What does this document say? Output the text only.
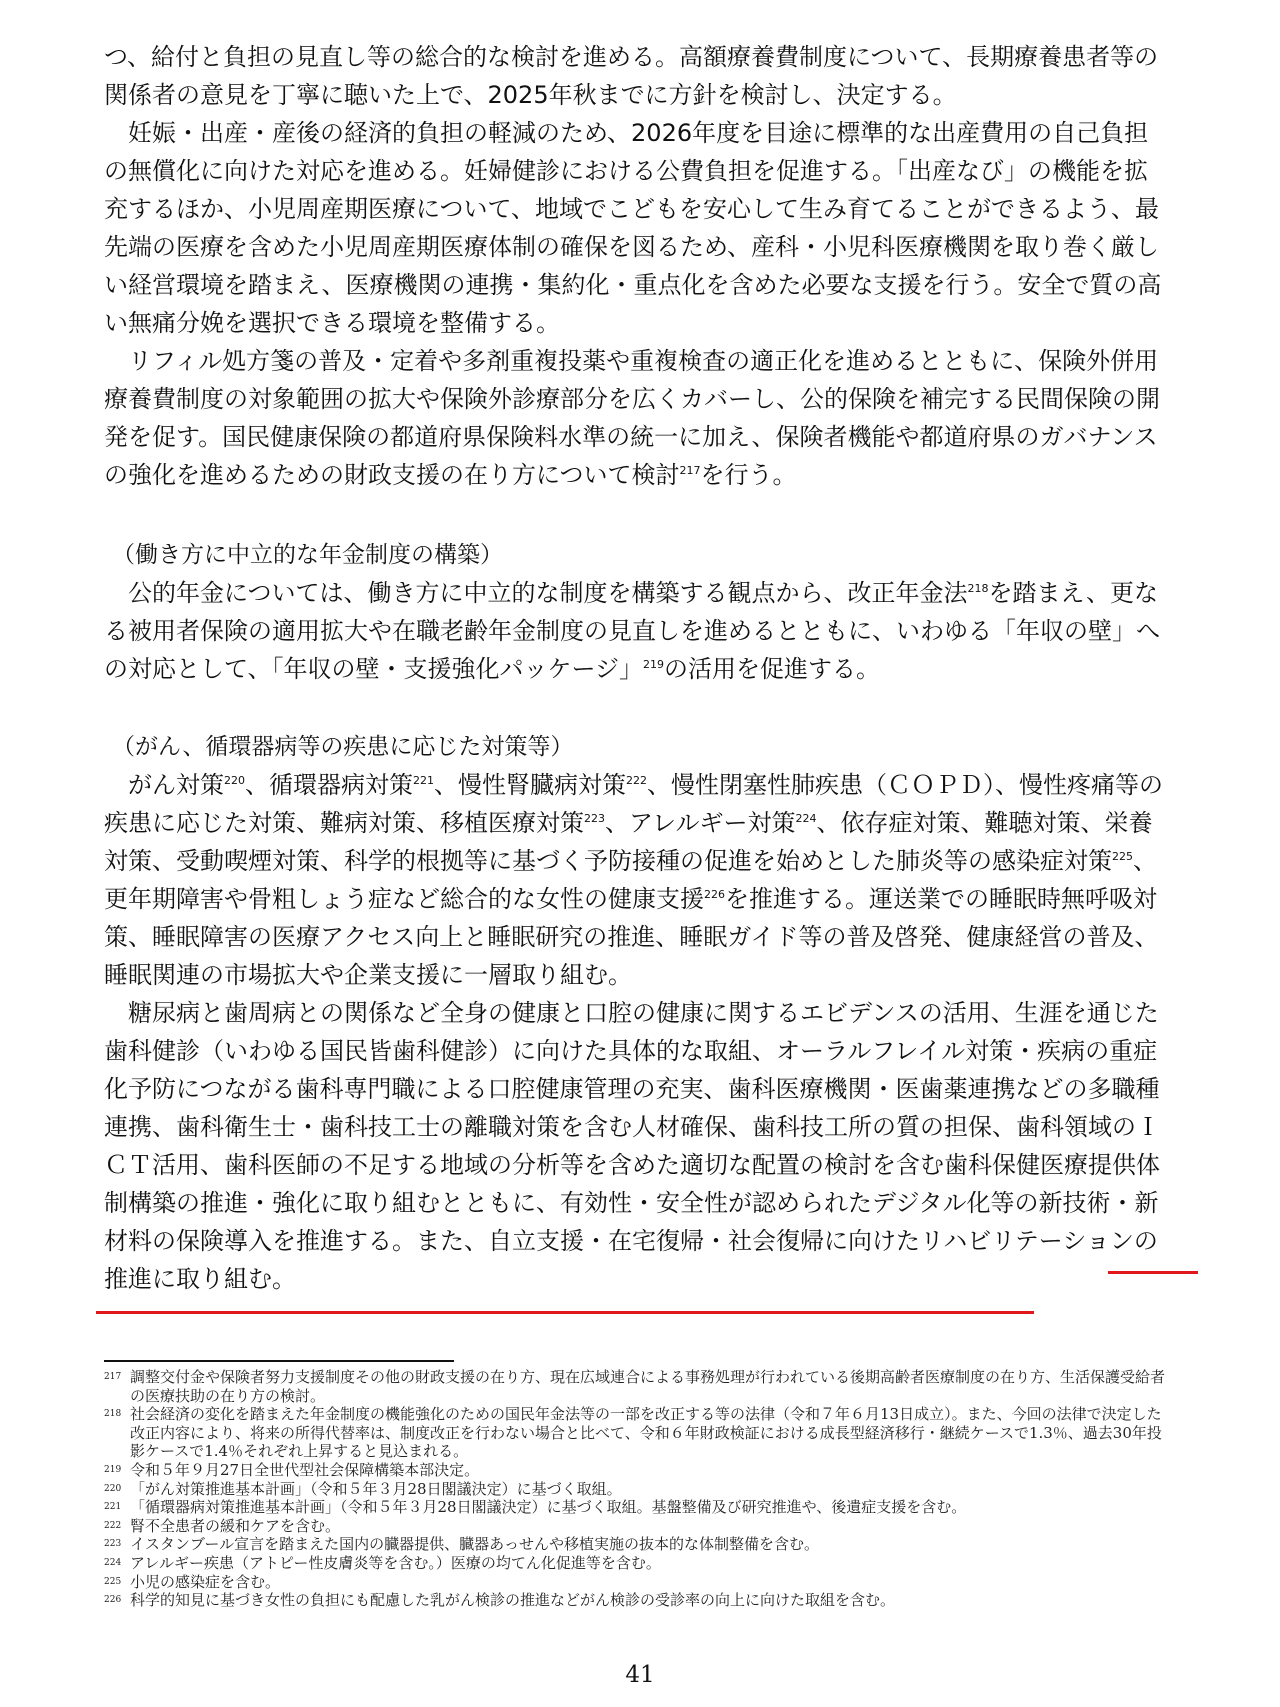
つ、給付と負担の見直し等の総合的な検討を進める。高額療養費制度について、長期療養患者等の関係者の意見を丁寧に聴いた上で、2025年秋までに方針を検討し、決定する。

妊娠・出産・産後の経済的負担の軽減のため、2026年度を目途に標準的な出産費用の自己負担の無償化に向けた対応を進める。妊婦健診における公費負担を促進する。「出産なび」の機能を拡充するほか、小児周産期医療について、地域でこどもを安心して生み育てることができるよう、最先端の医療を含めた小児周産期医療体制の確保を図るため、産科・小児科医療機関を取り巻く厳しい経営環境を踏まえ、医療機関の連携・集約化・重点化を含めた必要な支援を行う。安全で質の高い無痛分娩を選択できる環境を整備する。

リフィル処方箋の普及・定着や多剤重複投薬や重複検査の適正化を進めるとともに、保険外併用療養費制度の対象範囲の拡大や保険外診療部分を広くカバーし、公的保険を補完する民間保険の開発を促す。国民健康保険の都道府県保険料水準の統一に加え、保険者機能や都道府県のガバナンスの強化を進めるための財政支援の在り方について検討$^{217}$を行う。

（働き方に中立的な年金制度の構築）

公的年金については、働き方に中立的な制度を構築する観点から、改正年金法$^{218}$を踏まえ、更なる被用者保険の適用拡大や在職老齢年金制度の見直しを進めるとともに、いわゆる「年収の壁」への対応として、「年収の壁・支援強化パッケージ」$^{219}$の活用を促進する。

（がん、循環器病等の疾患に応じた対策等）

がん対策$^{220}$、循環器病対策$^{221}$、慢性腎臓病対策$^{222}$、慢性閉塞性肺疾患（ＣＯＰＤ）、慢性疼痛等の疾患に応じた対策、難病対策、移植医療対策$^{223}$、アレルギー対策$^{224}$、依存症対策、難聴対策、栄養対策、受動喫煙対策、科学的根拠等に基づく予防接種の促進を始めとした肺炎等の感染症対策$^{225}$、更年期障害や骨粗しょう症など総合的な女性の健康支援$^{226}$を推進する。運送業での睡眠時無呼吸対策、睡眠障害の医療アクセス向上と睡眠研究の推進、睡眠ガイド等の普及啓発、健康経営の普及、睡眠関連の市場拡大や企業支援に一層取り組む。

糖尿病と歯周病との関係など全身の健康と口腔の健康に関するエビデンスの活用、生涯を通じた歯科健診（いわゆる国民皆歯科健診）に向けた具体的な取組、オーラルフレイル対策・疾病の重症化予防につながる歯科専門職による口腔健康管理の充実、歯科医療機関・医歯薬連携などの多職種連携、歯科衛生士・歯科技工士の離職対策を含む人材確保、歯科技工所の質の担保、歯科領域のＩＣＴ活用、歯科医師の不足する地域の分析等を含めた適切な配置の検討を含む歯科保健医療提供体制構築の推進・強化に取り組むとともに、有効性・安全性が認められたデジタル化等の新技術・新材料の保険導入を推進する。また、自立支援・在宅復帰・社会復帰に向けたリハビリテーションの推進に取り組む。

217 調整交付金や保険者努力支援制度その他の財政支援の在り方、現在広域連合による事務処理が行われている後期高齢者医療制度の在り方、生活保護受給者の医療扶助の在り方の検討。

218 社会経済の変化を踏まえた年金制度の機能強化のための国民年金法等の一部を改正する等の法律（令和７年６月13日成立）。また、今回の法律で決定した改正内容により、将来の所得代替率は、制度改正を行わない場合と比べて、令和６年財政検証における成長型経済移行・継続ケースで1.3％、過去30年投影ケースで1.4％それぞれ上昇すると見込まれる。

219 令和５年９月27日全世代型社会保障構築本部決定。

220 「がん対策推進基本計画」（令和５年３月28日閣議決定）に基づく取組。

221 「循環器病対策推進基本計画」（令和５年３月28日閣議決定）に基づく取組。基盤整備及び研究推進や、後遺症支援を含む。

222 腎不全患者の緩和ケアを含む。

223 イスタンブール宣言を踏まえた国内の臓器提供、臓器あっせんや移植実施の抜本的な体制整備を含む。

224 アレルギー疾患（アトピー性皮膚炎等を含む。）医療の均てん化促進等を含む。

225 小児の感染症を含む。

226 科学的知見に基づき女性の負担にも配慮した乳がん検診の推進などがん検診の受診率の向上に向けた取組を含む。

41
